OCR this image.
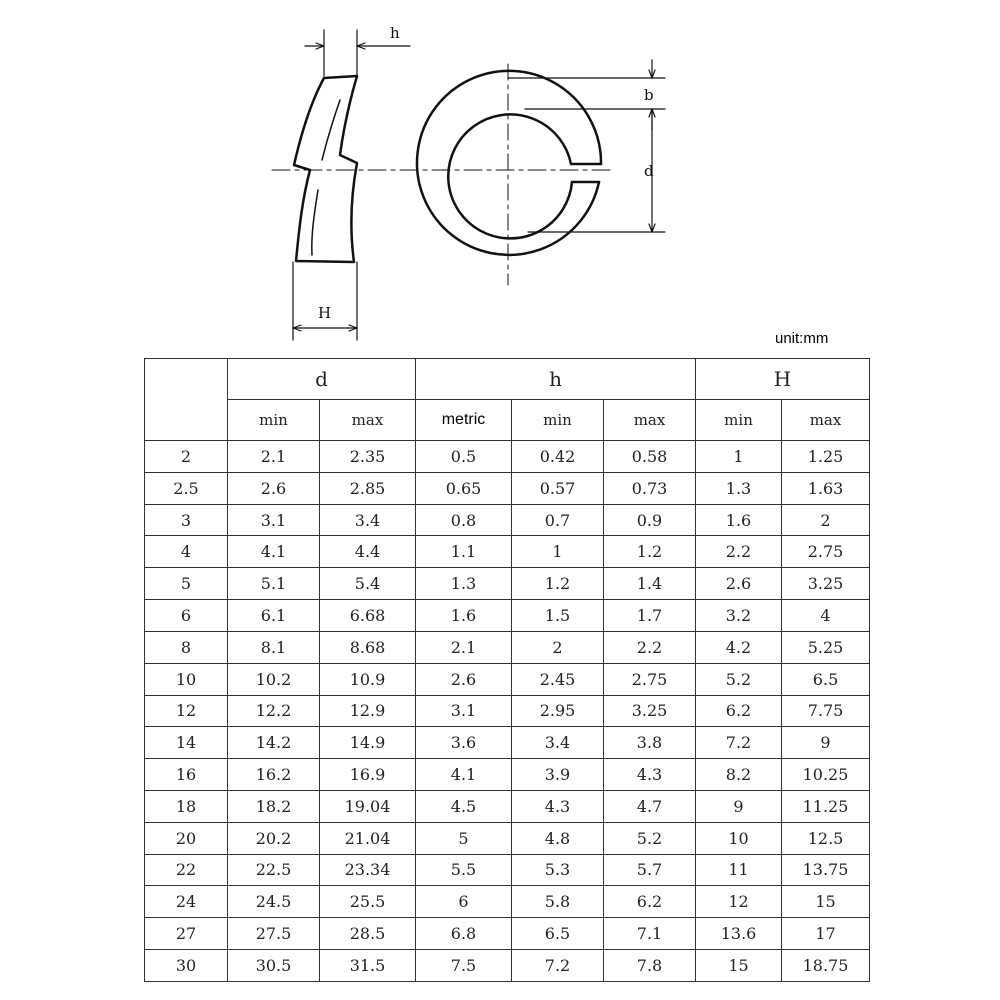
h
b
d
H
unit:mm
	d		h			H	
	min	max	metric	min	max	min	max
2	2.1	2.35	0.5	0.42	0.58	1	1.25
2.5	2.6	2.85	0.65	0.57	0.73	1.3	1.63
3	3.1	3.4	0.8	0.7	0.9	1.6	2
4	4.1	4.4	1.1	1	1.2	2.2	2.75
5	5.1	5.4	1.3	1.2	1.4	2.6	3.25
6	6.1	6.68	1.6	1.5	1.7	3.2	4
8	8.1	8.68	2.1	2	2.2	4.2	5.25
10	10.2	10.9	2.6	2.45	2.75	5.2	6.5
12	12.2	12.9	3.1	2.95	3.25	6.2	7.75
14	14.2	14.9	3.6	3.4	3.8	7.2	9
16	16.2	16.9	4.1	3.9	4.3	8.2	10.25
18	18.2	19.04	4.5	4.3	4.7	9	11.25
20	20.2	21.04	5	4.8	5.2	10	12.5
22	22.5	23.34	5.5	5.3	5.7	11	13.75
24	24.5	25.5	6	5.8	6.2	12	15
27	27.5	28.5	6.8	6.5	7.1	13.6	17
30	30.5	31.5	7.5	7.2	7.8	15	18.75
